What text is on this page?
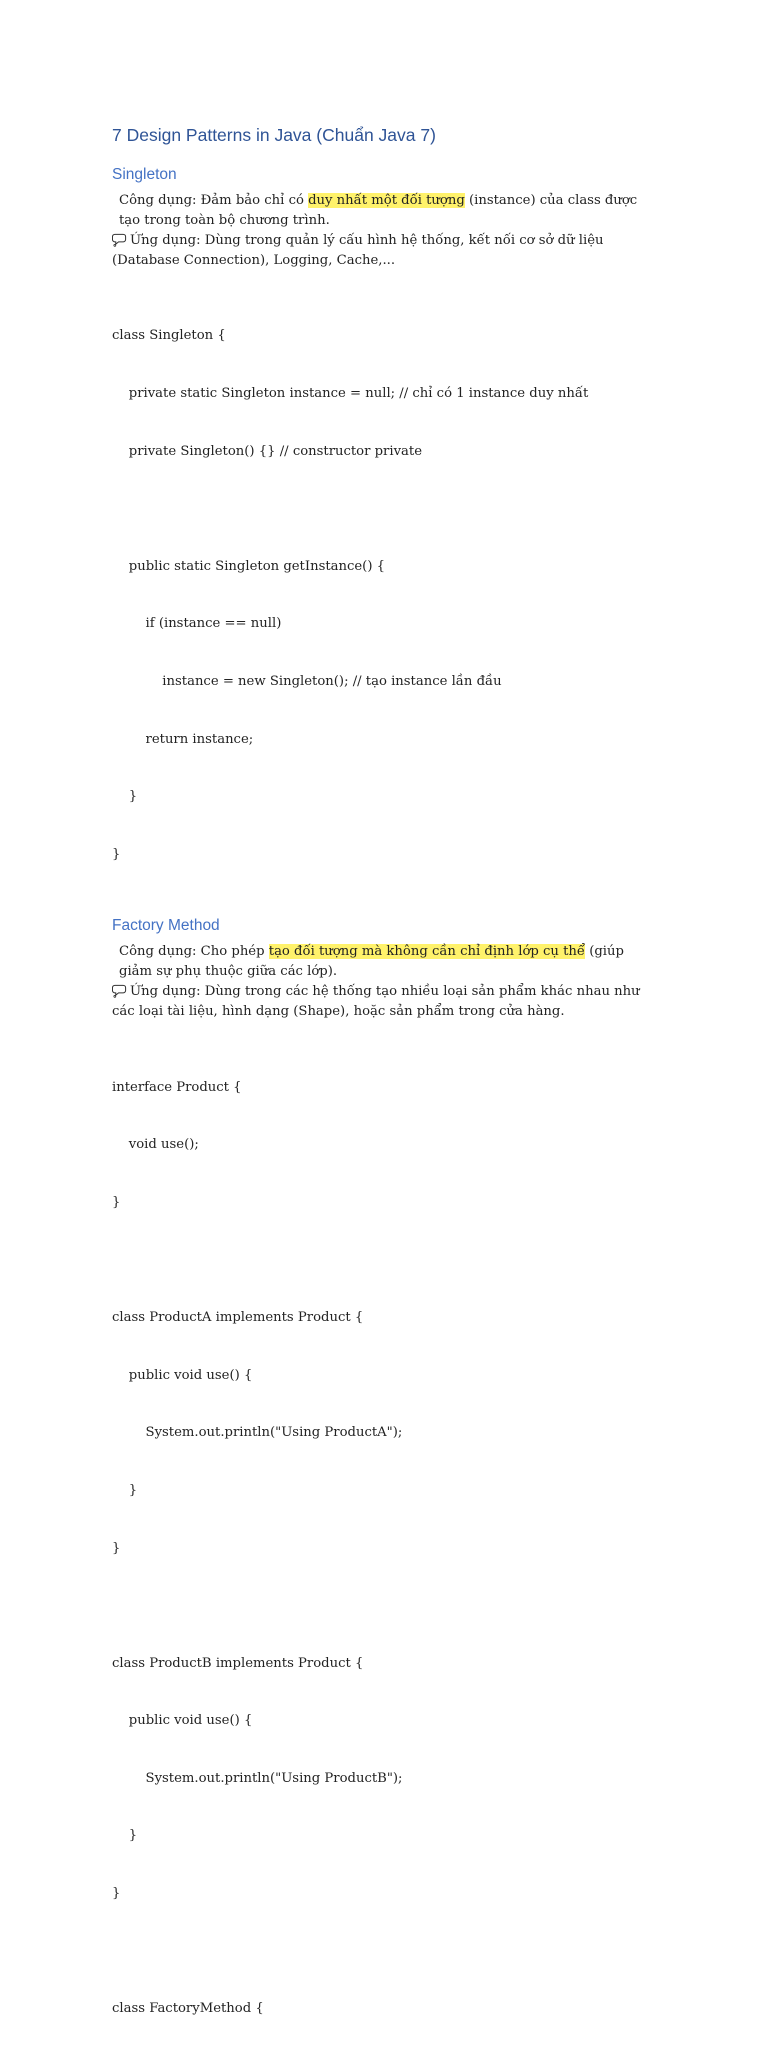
7 Design Patterns in Java (Chuẩn Java 7)
Singleton

Công dụng: Đảm bảo chỉ có duy nhất một đối tượng (instance) của class được tạo trong toàn bộ chương trình.

Ứng dụng: Dùng trong quản lý cấu hình hệ thống, kết nối cơ sở dữ liệu (Database Connection), Logging, Cache,...

class Singleton {

private static Singleton instance = null; // chỉ có 1 instance duy nhất

private Singleton() {} // constructor private

public static Singleton getInstance() {

if (instance == null)

instance = new Singleton(); // tạo instance lần đầu

return instance;

}

}

Factory Method

Công dụng: Cho phép tạo đối tượng mà không cần chỉ định lớp cụ thể (giúp giảm sự phụ thuộc giữa các lớp).

Ứng dụng: Dùng trong các hệ thống tạo nhiều loại sản phẩm khác nhau như các loại tài liệu, hình dạng (Shape), hoặc sản phẩm trong cửa hàng.

interface Product {

void use();

}

class ProductA implements Product {

public void use() {

System.out.println("Using ProductA");

}

}

class ProductB implements Product {

public void use() {

System.out.println("Using ProductB");

}

}

class FactoryMethod {
